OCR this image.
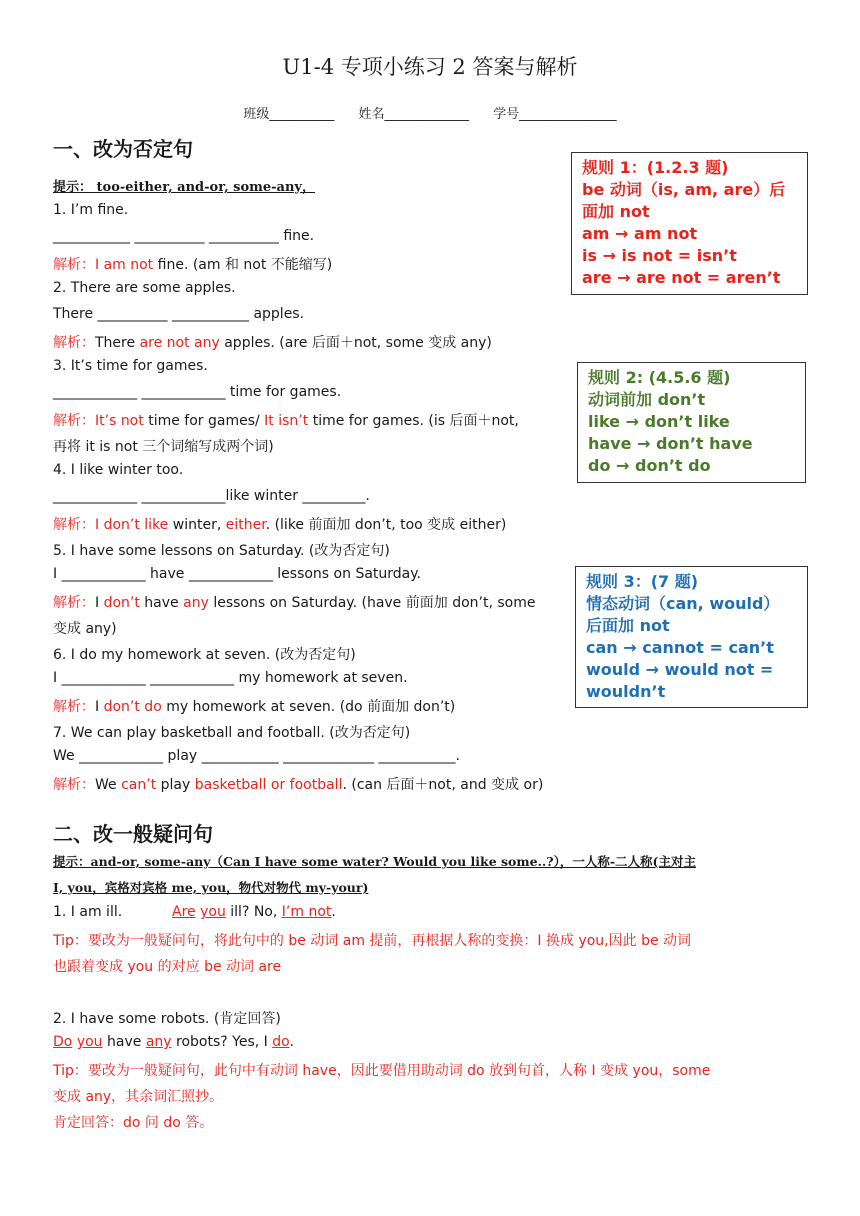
U1-4 专项小练习 2 答案与解析
班级__________ 姓名_____________ 学号_______________
一、改为否定句
提示： too-either, and-or, some-any，
1. I’m fine.
___________ __________ __________ fine.
解析：I am not fine. (am 和 not 不能缩写)
2. There are some apples.
There __________ ___________ apples.
解析：There are not any apples. (are 后面＋not, some 变成 any)
3. It’s time for games.
____________ ____________ time for games.
解析：It’s not time for games/ It isn’t time for games. (is 后面＋not,
再将 it is not 三个词缩写成两个词)
4. I like winter too.
____________ ____________like winter _________.
解析：I don’t like winter, either. (like 前面加 don’t, too 变成 either)
5. I have some lessons on Saturday. (改为否定句)
I ____________ have ____________ lessons on Saturday.
解析：I don’t have any lessons on Saturday. (have 前面加 don’t, some
变成 any)
6. I do my homework at seven. (改为否定句)
I ____________ ____________ my homework at seven.
解析：I don’t do my homework at seven. (do 前面加 don’t)
7. We can play basketball and football. (改为否定句)
We ____________ play ___________ _____________ ___________.
解析：We can’t play basketball or football. (can 后面＋not, and 变成 or)
规则 1：(1.2.3 题)
be 动词（is, am, are）后
面加 not
am → am not
is → is not = isn’t
are → are not = aren’t
规则 2: (4.5.6 题)
动词前加 don’t
like → don’t like
have → don’t have
do → don’t do
规则 3：(7 题)
情态动词（can, would）
后面加 not
can → cannot = can’t
would → would not =
wouldn’t
二、改一般疑问句
提示：and-or, some-any（Can I have some water? Would you like some..?），一人称-二人称(主对主
I, you，宾格对宾格 me, you，物代对物代 my-your)
1. I am ill.	Are you ill? No, I’m not.
Tip：要改为一般疑问句，将此句中的 be 动词 am 提前，再根据人称的变换：I 换成 you,因此 be 动词
也跟着变成 you 的对应 be 动词 are
2. I have some robots. (肯定回答)
Do you have any robots? Yes, I do.
Tip：要改为一般疑问句，此句中有动词 have，因此要借用助动词 do 放到句首，人称 I 变成 you，some
变成 any，其余词汇照抄。
肯定回答：do 问 do 答。
